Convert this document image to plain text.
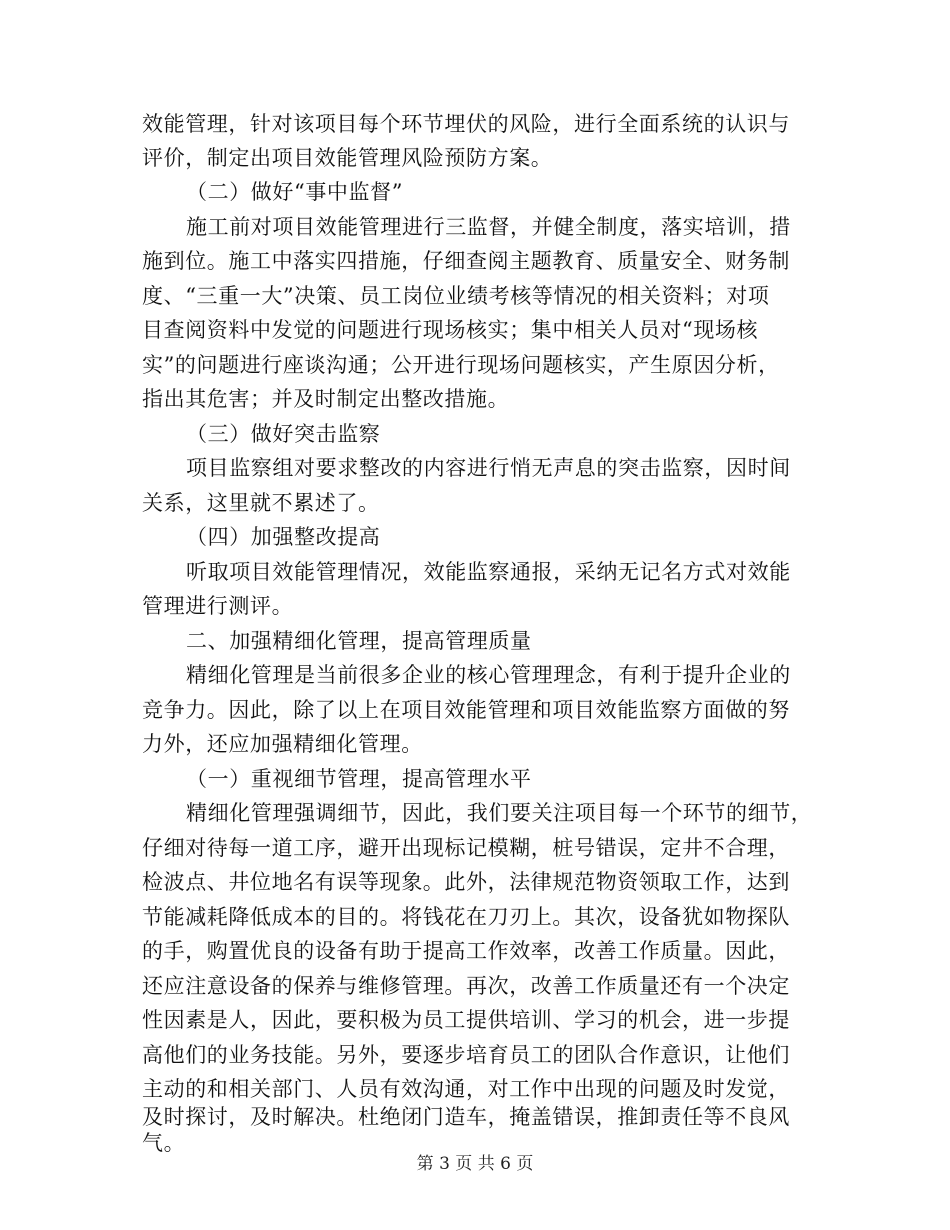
效能管理，针对该项目每个环节埋伏的风险，进行全面系统的认识与
评价，制定出项目效能管理风险预防方案。
（二）做好“事中监督”
施工前对项目效能管理进行三监督，并健全制度，落实培训，措
施到位。施工中落实四措施，仔细查阅主题教育、质量安全、财务制
度、“三重一大”决策、员工岗位业绩考核等情况的相关资料；对项
目查阅资料中发觉的问题进行现场核实；集中相关人员对“现场核
实”的问题进行座谈沟通；公开进行现场问题核实，产生原因分析，
指出其危害；并及时制定出整改措施。
（三）做好突击监察
项目监察组对要求整改的内容进行悄无声息的突击监察，因时间
关系，这里就不累述了。
（四）加强整改提高
听取项目效能管理情况，效能监察通报，采纳无记名方式对效能
管理进行测评。
二、加强精细化管理，提高管理质量
精细化管理是当前很多企业的核心管理理念，有利于提升企业的
竞争力。因此，除了以上在项目效能管理和项目效能监察方面做的努
力外，还应加强精细化管理。
（一）重视细节管理，提高管理水平
精细化管理强调细节，因此，我们要关注项目每一个环节的细节，
仔细对待每一道工序，避开出现标记模糊，桩号错误，定井不合理，
检波点、井位地名有误等现象。此外，法律规范物资领取工作，达到
节能减耗降低成本的目的。将钱花在刀刃上。其次，设备犹如物探队
的手，购置优良的设备有助于提高工作效率，改善工作质量。因此，
还应注意设备的保养与维修管理。再次，改善工作质量还有一个决定
性因素是人，因此，要积极为员工提供培训、学习的机会，进一步提
高他们的业务技能。另外，要逐步培育员工的团队合作意识，让他们
主动的和相关部门、人员有效沟通，对工作中出现的问题及时发觉，
及时探讨，及时解决。杜绝闭门造车，掩盖错误，推卸责任等不良风
气。
第 3 页 共 6 页
